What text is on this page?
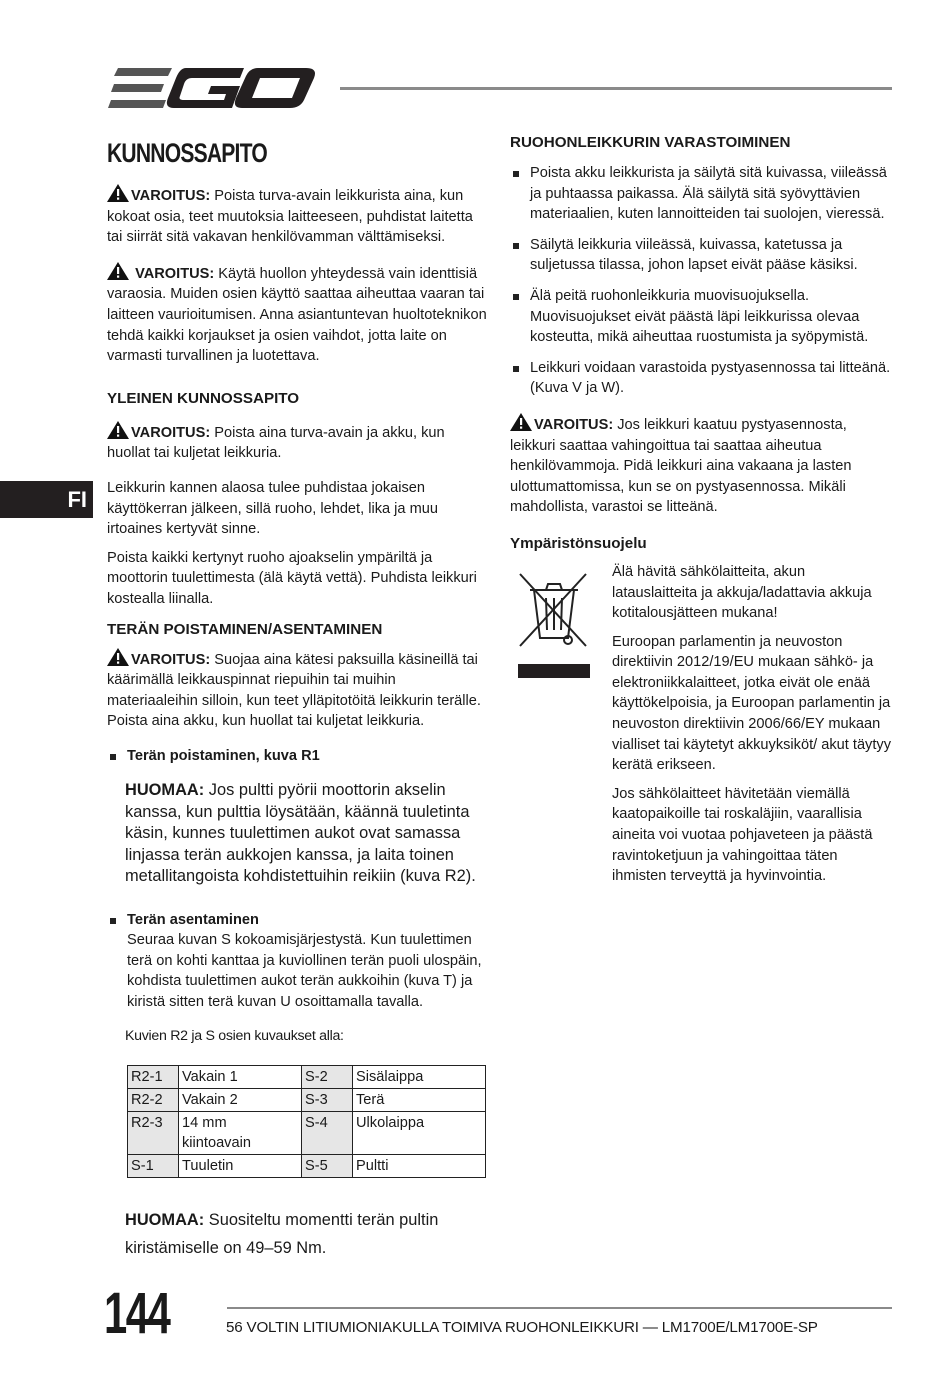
FI
KUNNOSSAPITO

VAROITUS: Poista turva-avain leikkurista aina, kun kokoat osia, teet muutoksia laitteeseen, puhdistat laitetta tai siirrät sitä vakavan henkilövamman välttämiseksi.

VAROITUS: Käytä huollon yhteydessä vain identtisiä varaosia. Muiden osien käyttö saattaa aiheuttaa vaaran tai laitteen vaurioitumisen. Anna asiantuntevan huoltoteknikon tehdä kaikki korjaukset ja osien vaihdot, jotta laite on varmasti turvallinen ja luotettava.

YLEINEN KUNNOSSAPITO

VAROITUS: Poista aina turva-avain ja akku, kun huollat tai kuljetat leikkuria.

Leikkurin kannen alaosa tulee puhdistaa jokaisen käyttökerran jälkeen, sillä ruoho, lehdet, lika ja muu irtoaines kertyvät sinne.

Poista kaikki kertynyt ruoho ajoakselin ympäriltä ja moottorin tuulettimesta (älä käytä vettä). Puhdista leikkuri kostealla liinalla.

TERÄN POISTAMINEN/ASENTAMINEN

VAROITUS: Suojaa aina kätesi paksuilla käsineillä tai käärimällä leikkauspinnat riepuihin tai muihin materiaaleihin silloin, kun teet ylläpitotöitä leikkurin terälle. Poista aina akku, kun huollat tai kuljetat leikkuria.

Terän poistaminen, kuva R1

HUOMAA: Jos pultti pyörii moottorin akselin kanssa, kun pulttia löysätään, käännä tuuletinta käsin, kunnes tuulettimen aukot ovat samassa linjassa terän aukkojen kanssa, ja laita toinen metallitangoista kohdistettuihin reikiin (kuva R2).

Terän asentaminen
Seuraa kuvan S kokoamisjärjestystä. Kun tuulettimen terä on kohti kanttaa ja kuviollinen terän puoli ulospäin, kohdista tuulettimen aukot terän aukkoihin (kuva T) ja kiristä sitten terä kuvan U osoittamalla tavalla.

Kuvien R2 ja S osien kuvaukset alla:

R2-1	Vakain 1	S-2	Sisälaippa
R2-2	Vakain 2	S-3	Terä
R2-3	14 mm kiintoavain	S-4	Ulkolaippa
S-1	Tuuletin	S-5	Pultti

HUOMAA: Suositeltu momentti terän pultin kiristämiselle on 49–59 Nm.

RUOHONLEIKKURIN VARASTOIMINEN
Poista akku leikkurista ja säilytä sitä kuivassa, viileässä ja puhtaassa paikassa. Älä säilytä sitä syövyttävien materiaalien, kuten lannoitteiden tai suolojen, vieressä.
Säilytä leikkuria viileässä, kuivassa, katetussa ja suljetussa tilassa, johon lapset eivät pääse käsiksi.
Älä peitä ruohonleikkuria muovisuojuksella. Muovisuojukset eivät päästä läpi leikkurissa olevaa kosteutta, mikä aiheuttaa ruostumista ja syöpymistä.
Leikkuri voidaan varastoida pystyasennossa tai litteänä. (Kuva V ja W).

VAROITUS: Jos leikkuri kaatuu pystyasennosta, leikkuri saattaa vahingoittua tai saattaa aiheutua henkilövammoja. Pidä leikkuri aina vakaana ja lasten ulottumattomissa, kun se on pystyasennossa. Mikäli mahdollista, varastoi se litteänä.

Ympäristönsuojelu

Älä hävitä sähkölaitteita, akun latauslaitteita ja akkuja/ladattavia akkuja kotitalousjätteen mukana!

Euroopan parlamentin ja neuvoston direktiivin 2012/19/EU mukaan sähkö- ja elektroniikkalaitteet, jotka eivät ole enää käyttökelpoisia, ja Euroopan parlamentin ja neuvoston direktiivin 2006/66/EY mukaan vialliset tai käytetyt akkuyksiköt/ akut täytyy kerätä erikseen.

Jos sähkölaitteet hävitetään viemällä kaatopaikoille tai roskaläjiin, vaarallisia aineita voi vuotaa pohjaveteen ja päästä ravintoketjuun ja vahingoittaa täten ihmisten terveyttä ja hyvinvointia.

144	56 VOLTIN LITIUMIONIAKULLA TOIMIVA RUOHONLEIKKURI — LM1700E/LM1700E-SP
